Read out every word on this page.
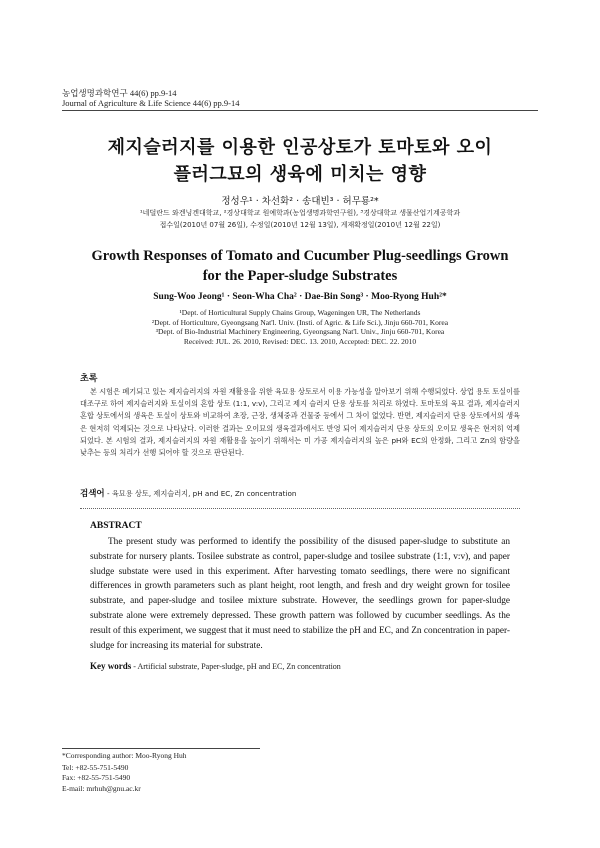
농업생명과학연구 44(6) pp.9-14
Journal of Agriculture & Life Science 44(6) pp.9-14
제지슬러지를 이용한 인공상토가 토마토와 오이
플러그묘의 생육에 미치는 영향
정성우¹ · 차선화² · 송대빈³ · 허무룡²*
¹네덜란드 와겐닝겐대학교, ²경상대학교 원예학과(농업생명과학연구원), ³경상대학교 생물산업기계공학과
접수일(2010년 07월 26일), 수정일(2010년 12월 13일), 게재확정일(2010년 12월 22일)
Growth Responses of Tomato and Cucumber Plug-seedlings Grown
for the Paper-sludge Substrates
Sung-Woo Jeong¹ · Seon-Wha Cha² · Dae-Bin Song³ · Moo-Ryong Huh²*
¹Dept. of Horticultural Supply Chains Group, Wageningen UR, The Netherlands
²Dept. of Horticulture, Gyeongsang Nat'l. Univ. (Insti. of Agric. & Life Sci.), Jinju 660-701, Korea
³Dept. of Bio-Industrial Machinery Engineering, Gyeongsang Nat'l. Univ., Jinju 660-701, Korea
Received: JUL. 26. 2010, Revised: DEC. 13. 2010, Accepted: DEC. 22. 2010
초록
본 시험은 폐기되고 있는 제지슬러지의 자원 재활용을 위한 육묘용 상토로서 이용 가능성을 알아보기 위해 수행되었다. 상업 용토 토실이를 대조구로 하여 제지슬러지와 토실이의 혼합 상토 (1:1, v:v), 그리고 제지 슬러지 단용 상토를 처리로 하였다. 토마토의 육묘 결과, 제지슬러지 혼합 상토에서의 생육은 토실이 상토와 비교하여 초장, 근장, 생체중과 건물중 등에서 그 차이 없었다. 반면, 제지슬러지 단용 상토에서의 생육은 현저히 억제되는 것으로 나타났다. 이러한 결과는 오이묘의 생육결과에서도 반영 되어 제지슬러지 단용 상토의 오이묘 생육은 현저히 억제되었다. 본 시험의 결과, 제지슬러지의 자원 재활용을 높이기 위해서는 미 가공 제지슬러지의 높은 pH와 EC의 안정화, 그리고 Zn의 함량을 낮추는 등의 처리가 선행 되어야 할 것으로 판단된다.
검색어 - 육묘용 상토, 제지슬러지, pH and EC, Zn concentration
ABSTRACT
The present study was performed to identify the possibility of the disused paper-sludge to substitute an substrate for nursery plants. Tosilee substrate as control, paper-sludge and tosilee substrate (1:1, v:v), and paper sludge substate were used in this experiment. After harvesting tomato seedlings, there were no significant differences in growth parameters such as plant height, root length, and fresh and dry weight grown for tosilee substrate, and paper-sludge and tosilee mixture substrate. However, the seedlings grown for paper-sludge substrate alone were extremely depressed. These growth pattern was followed by cucumber seedlings. As the result of this experiment, we suggest that it must need to stabilize the pH and EC, and Zn concentration in paper-sludge for increasing its material for substrate.
Key words - Artificial substrate, Paper-sludge, pH and EC, Zn concentration
*Corresponding author: Moo-Ryong Huh
Tel: +82-55-751-5490
Fax: +82-55-751-5490
E-mail: mrhuh@gnu.ac.kr
